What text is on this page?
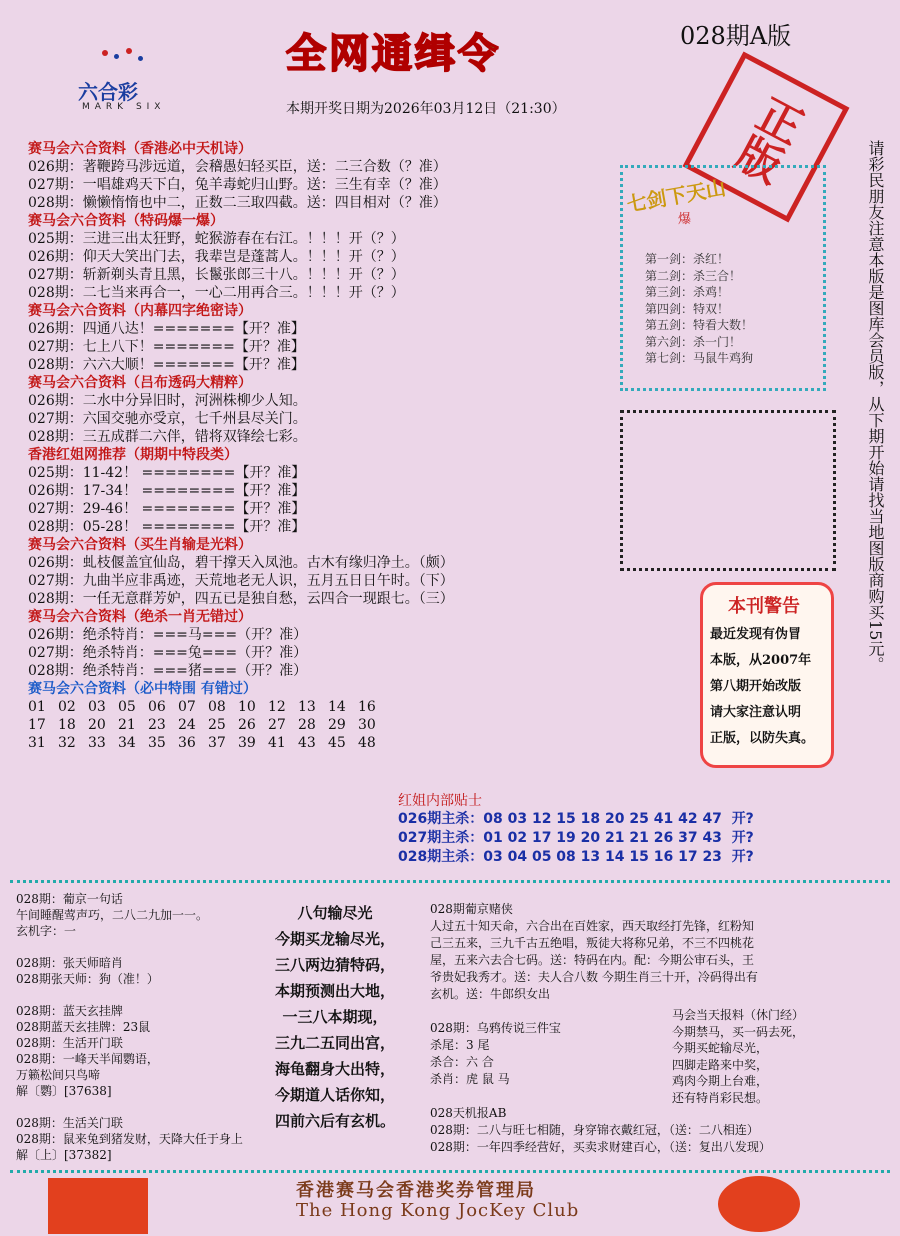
六合彩
MARK SIX
全网通缉令	028期A版
本期开奖日期为2026年03月12日（21:30）	正版
赛马会六合资料（香港必中天机诗）
026期：著鞭跨马涉远道，会稽愚妇轻买臣，送：二三合数（？准）
027期：一唱雄鸡天下白，兔羊毒蛇归山野。送：三生有幸（？准）
028期：懒懒惰惰也中二，正数二三取四截。送：四目相对（？准）
赛马会六合资料（特码爆一爆）
025期：三进三出太狂野，蛇猴游春在右江。！！！开（？）
026期：仰天大笑出门去，我辈岂是蓬蒿人。！！！开（？）
027期：斩新剃头青且黑，长鬣张郎三十八。！！！开（？）
028期：二七当来再合一，一心二用再合三。！！！开（？）
赛马会六合资料（内幕四字绝密诗）
026期：四通八达！=======【开？准】
027期：七上八下！=======【开？准】
028期：六六大顺！=======【开？准】
赛马会六合资料（吕布透码大精粹）
026期：二水中分异旧时，河洲株柳少人知。
027期：六国交驰亦受京，七千州县尽关门。
028期：三五成群二六伴，错将双锋绘七彩。
香港红姐网推荐（期期中特段类）
025期：11-42！ ========【开？准】
026期：17-34！ ========【开？准】
027期：29-46！ ========【开？准】
028期：05-28！ ========【开？准】
赛马会六合资料（买生肖输是光料）
026期：虬枝偃盖宜仙岛，碧干撑天入凤池。古木有缘归净土。（颇）
027期：九曲半应非禹迹，天荒地老无人识，五月五日日午时。（下）
028期：一任无意群芳妒，四五已是独自愁，云四合一现跟七。（三）
赛马会六合资料（绝杀一肖无错过）
026期：绝杀特肖：===马===（开？准）
027期：绝杀特肖：===兔===（开？准）
028期：绝杀特肖：===猪===（开？准）
赛马会六合资料（必中特围 有错过）
01 02 03 05 06 07 08 10 12 13 14 16
17 18 20 21 23 24 25 26 27 28 29 30
31 32 33 34 35 36 37 39 41 43 45 48
七剑下天山
爆
第一剑：杀红！
第二剑：杀三合！
第三剑：杀鸡！
第四剑：特双！
第五剑：特看大数！
第六剑：杀一门！
第七剑：马鼠牛鸡狗	请彩民朋友注意本版是图库会员版，从下期开始请找当地图版商购买15元。
本刊警告
最近发现有伪冒
本版，从2007年
第八期开始改版
请大家注意认明
正版，以防失真。
红姐内部贴士
026期主杀：08 03 12 15 18 20 25 41 42 47 开?
027期主杀：01 02 17 19 20 21 21 26 37 43 开?
028期主杀：03 04 05 08 13 14 15 16 17 23 开?
028期：葡京一句话
午间睡醒莺声巧，二八二九加一一。
玄机字：一
028期：张天师暗肖
028期张天师：狗（准！）
028期：蓝天玄挂牌
028期蓝天玄挂牌：23鼠
028期：生活开门联
028期：一峰天半闻鹦语，
万籁松间只鸟啼
解〔鹦〕[37638]
028期：生活关门联
028期：鼠来兔到猪发财，天降大任于身上
解〔上〕[37382]
八句输尽光
今期买龙输尽光，
三八两边猜特码，
本期预测出大地，
一三八本期现，
三九二五同出宫，
海龟翻身大出特，
今期道人话你知，
四前六后有玄机。
028期葡京赌侠
人过五十知天命，六合出在百姓家，西天取经打先锋，红粉知
己三五来，三九千古五绝唱，叛徒大将称兄弟，不三不四桃花
屋，五来六去合七码。送：特码在内。配：今期公审石头，王
爷贵妃我秀才。送：夫人合八数 今期生肖三十开，冷码得出有
玄机。送：牛郎织女出
028期：乌鸦传说三件宝
杀尾：3 尾
杀合：六 合
杀肖：虎 鼠 马
028天机报AB
028期：二八与旺七相随，身穿锦衣戴红冠，（送：二八相连）
028期：一年四季经营好，买卖求财建百心，（送：复出八发现）
马会当天报料（休门经）
今期禁马，买一码去死，
今期买蛇输尽光，
四脚走路来中奖，
鸡肉今期上台难，
还有特肖彩民想。
香港赛马会香港奖券管理局
The Hong Kong JocKey Club
